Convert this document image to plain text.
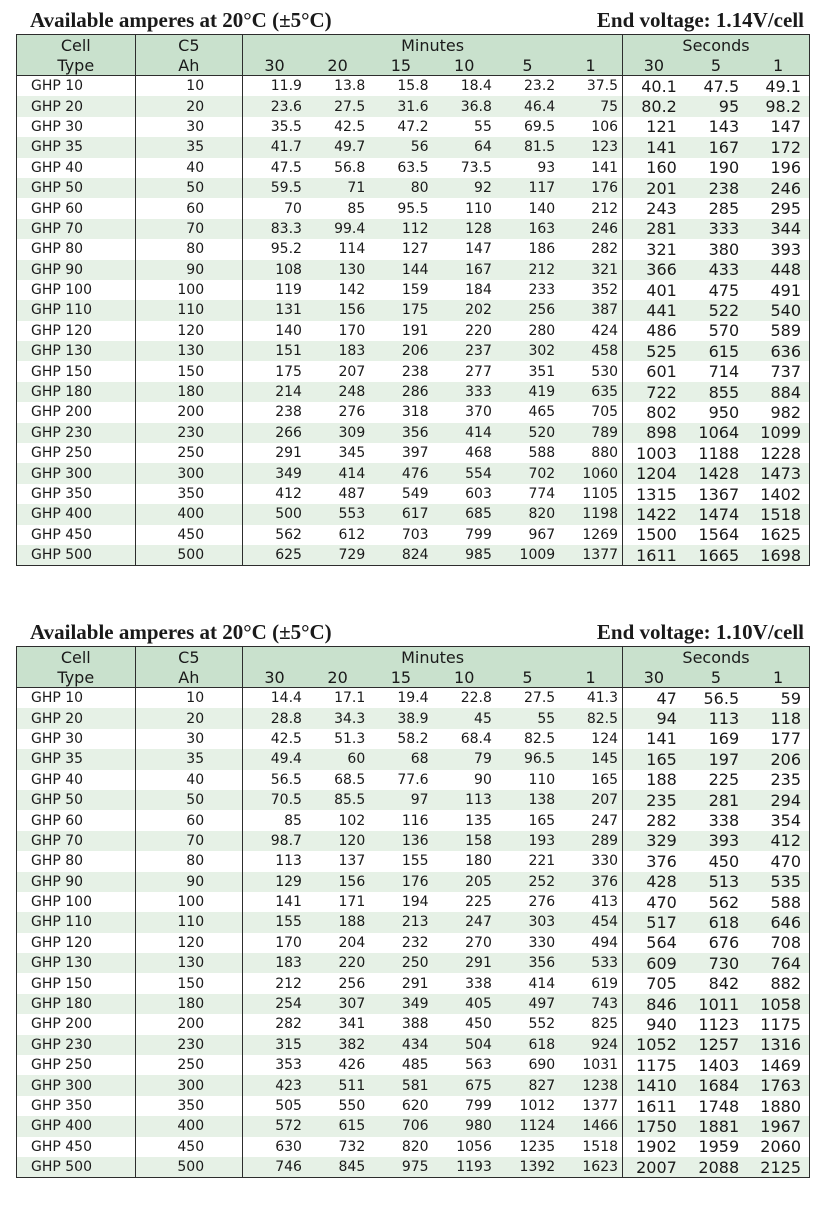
Available amperes at 20°C (±5°C)	End voltage: 1.14V/cell
Cell	C5	Minutes						Seconds		
Type	Ah	30	20	15	10	5	1	30	5	1
GHP 10	10	11.9	13.8	15.8	18.4	23.2	37.5	40.1	47.5	49.1
GHP 20	20	23.6	27.5	31.6	36.8	46.4	75	80.2	95	98.2
GHP 30	30	35.5	42.5	47.2	55	69.5	106	121	143	147
GHP 35	35	41.7	49.7	56	64	81.5	123	141	167	172
GHP 40	40	47.5	56.8	63.5	73.5	93	141	160	190	196
GHP 50	50	59.5	71	80	92	117	176	201	238	246
GHP 60	60	70	85	95.5	110	140	212	243	285	295
GHP 70	70	83.3	99.4	112	128	163	246	281	333	344
GHP 80	80	95.2	114	127	147	186	282	321	380	393
GHP 90	90	108	130	144	167	212	321	366	433	448
GHP 100	100	119	142	159	184	233	352	401	475	491
GHP 110	110	131	156	175	202	256	387	441	522	540
GHP 120	120	140	170	191	220	280	424	486	570	589
GHP 130	130	151	183	206	237	302	458	525	615	636
GHP 150	150	175	207	238	277	351	530	601	714	737
GHP 180	180	214	248	286	333	419	635	722	855	884
GHP 200	200	238	276	318	370	465	705	802	950	982
GHP 230	230	266	309	356	414	520	789	898	1064	1099
GHP 250	250	291	345	397	468	588	880	1003	1188	1228
GHP 300	300	349	414	476	554	702	1060	1204	1428	1473
GHP 350	350	412	487	549	603	774	1105	1315	1367	1402
GHP 400	400	500	553	617	685	820	1198	1422	1474	1518
GHP 450	450	562	612	703	799	967	1269	1500	1564	1625
GHP 500	500	625	729	824	985	1009	1377	1611	1665	1698
Available amperes at 20°C (±5°C)	End voltage: 1.10V/cell
Cell	C5	Minutes						Seconds		
Type	Ah	30	20	15	10	5	1	30	5	1
GHP 10	10	14.4	17.1	19.4	22.8	27.5	41.3	47	56.5	59
GHP 20	20	28.8	34.3	38.9	45	55	82.5	94	113	118
GHP 30	30	42.5	51.3	58.2	68.4	82.5	124	141	169	177
GHP 35	35	49.4	60	68	79	96.5	145	165	197	206
GHP 40	40	56.5	68.5	77.6	90	110	165	188	225	235
GHP 50	50	70.5	85.5	97	113	138	207	235	281	294
GHP 60	60	85	102	116	135	165	247	282	338	354
GHP 70	70	98.7	120	136	158	193	289	329	393	412
GHP 80	80	113	137	155	180	221	330	376	450	470
GHP 90	90	129	156	176	205	252	376	428	513	535
GHP 100	100	141	171	194	225	276	413	470	562	588
GHP 110	110	155	188	213	247	303	454	517	618	646
GHP 120	120	170	204	232	270	330	494	564	676	708
GHP 130	130	183	220	250	291	356	533	609	730	764
GHP 150	150	212	256	291	338	414	619	705	842	882
GHP 180	180	254	307	349	405	497	743	846	1011	1058
GHP 200	200	282	341	388	450	552	825	940	1123	1175
GHP 230	230	315	382	434	504	618	924	1052	1257	1316
GHP 250	250	353	426	485	563	690	1031	1175	1403	1469
GHP 300	300	423	511	581	675	827	1238	1410	1684	1763
GHP 350	350	505	550	620	799	1012	1377	1611	1748	1880
GHP 400	400	572	615	706	980	1124	1466	1750	1881	1967
GHP 450	450	630	732	820	1056	1235	1518	1902	1959	2060
GHP 500	500	746	845	975	1193	1392	1623	2007	2088	2125
